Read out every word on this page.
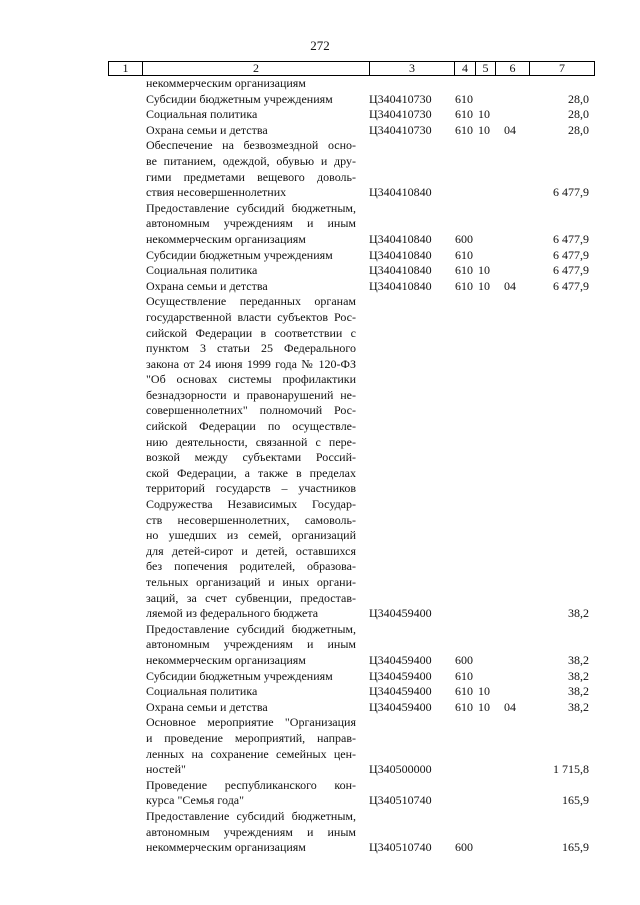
272
1	2	3	4	5	6	7
некоммерческим организациям
Субсидии бюджетным учреждениям	Ц340410730 610	28,0
Социальная политика	Ц340410730 610 10	28,0
Охрана семьи и детства	Ц340410730 610 10 04	28,0
Обеспечение на безвозмездной осно-
ве питанием, одеждой, обувью и дру-
гими предметами вещевого доволь-
ствия несовершеннолетних	Ц340410840	6 477,9
Предоставление субсидий бюджетным,
автономным учреждениям и иным
некоммерческим организациям	Ц340410840 600	6 477,9
Субсидии бюджетным учреждениям	Ц340410840 610	6 477,9
Социальная политика	Ц340410840 610 10	6 477,9
Охрана семьи и детства	Ц340410840 610 10 04	6 477,9
Осуществление переданных органам
государственной власти субъектов Рос-
сийской Федерации в соответствии с
пунктом 3 статьи 25 Федерального
закона от 24 июня 1999 года № 120-ФЗ
"Об основах системы профилактики
безнадзорности и правонарушений не-
совершеннолетних" полномочий Рос-
сийской Федерации по осуществле-
нию деятельности, связанной с пере-
возкой между субъектами Россий-
ской Федерации, а также в пределах
территорий государств – участников
Содружества Независимых Государ-
ств несовершеннолетних, самоволь-
но ушедших из семей, организаций
для детей-сирот и детей, оставшихся
без попечения родителей, образова-
тельных организаций и иных органи-
заций, за счет субвенции, предостав-
ляемой из федерального бюджета	Ц340459400	38,2
Предоставление субсидий бюджетным,
автономным учреждениям и иным
некоммерческим организациям	Ц340459400 600	38,2
Субсидии бюджетным учреждениям	Ц340459400 610	38,2
Социальная политика	Ц340459400 610 10	38,2
Охрана семьи и детства	Ц340459400 610 10 04	38,2
Основное мероприятие "Организация
и проведение мероприятий, направ-
ленных на сохранение семейных цен-
ностей"	Ц340500000	1 715,8
Проведение республиканского кон-
курса "Семья года"	Ц340510740	165,9
Предоставление субсидий бюджетным,
автономным учреждениям и иным
некоммерческим организациям	Ц340510740 600	165,9
